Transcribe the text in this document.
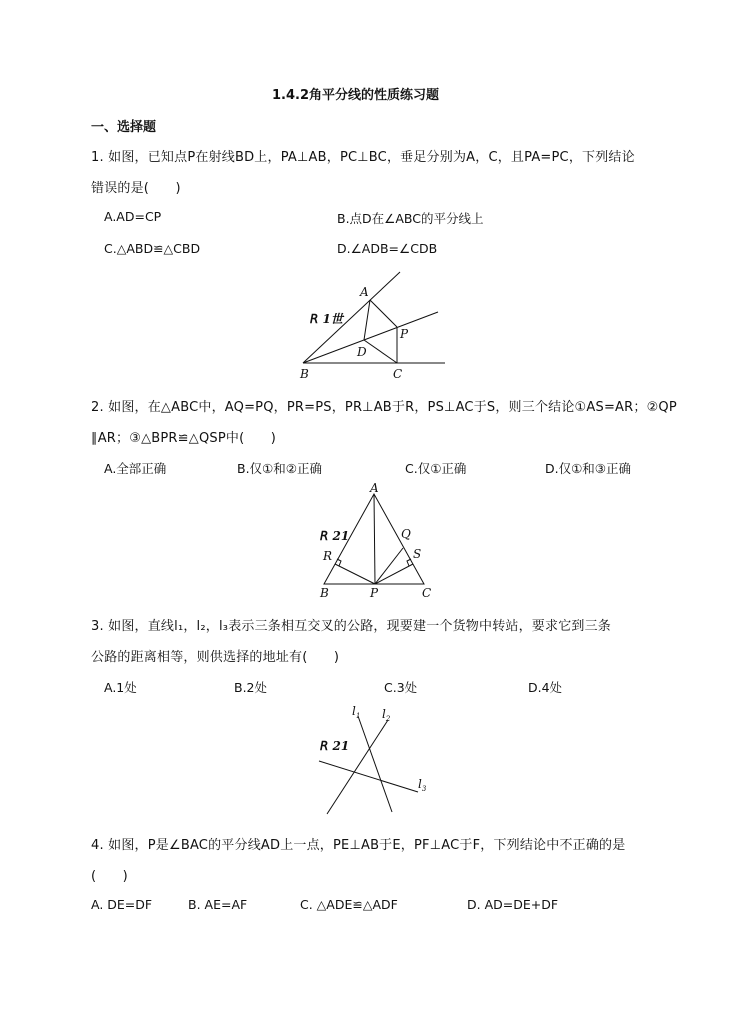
1.4.2角平分线的性质练习题
一、选择题
1. 如图，已知点P在射线BD上，PA⊥AB，PC⊥BC，垂足分别为A，C，且PA=PC，下列结论
错误的是(　　)
A.AD=CP	B.点D在∠ABC的平分线上
C.△ABD≌△CBD	D.∠ADB=∠CDB
𝘙 1世
A
B	C
D
P
2. 如图，在△ABC中，AQ=PQ，PR=PS，PR⊥AB于R，PS⊥AC于S，则三个结论①AS=AR；②QP
∥AR；③△BPR≌△QSP中(　　)
A.全部正确	B.仅①和②正确	C.仅①正确	D.仅①和③正确
𝘙 21
A
B	C
P
Q
R	S
3. 如图，直线l₁，l₂，l₃表示三条相互交叉的公路，现要建一个货物中转站，要求它到三条
公路的距离相等，则供选择的地址有(　　)
A.1处	B.2处	C.3处	D.4处
𝘙 21
$l_1$ $l_2$
$l_3$
4. 如图，P是∠BAC的平分线AD上一点，PE⊥AB于E，PF⊥AC于F，下列结论中不正确的是
(　　)
A. DE=DF	B. AE=AF	C. △ADE≌△ADF	D. AD=DE+DF
